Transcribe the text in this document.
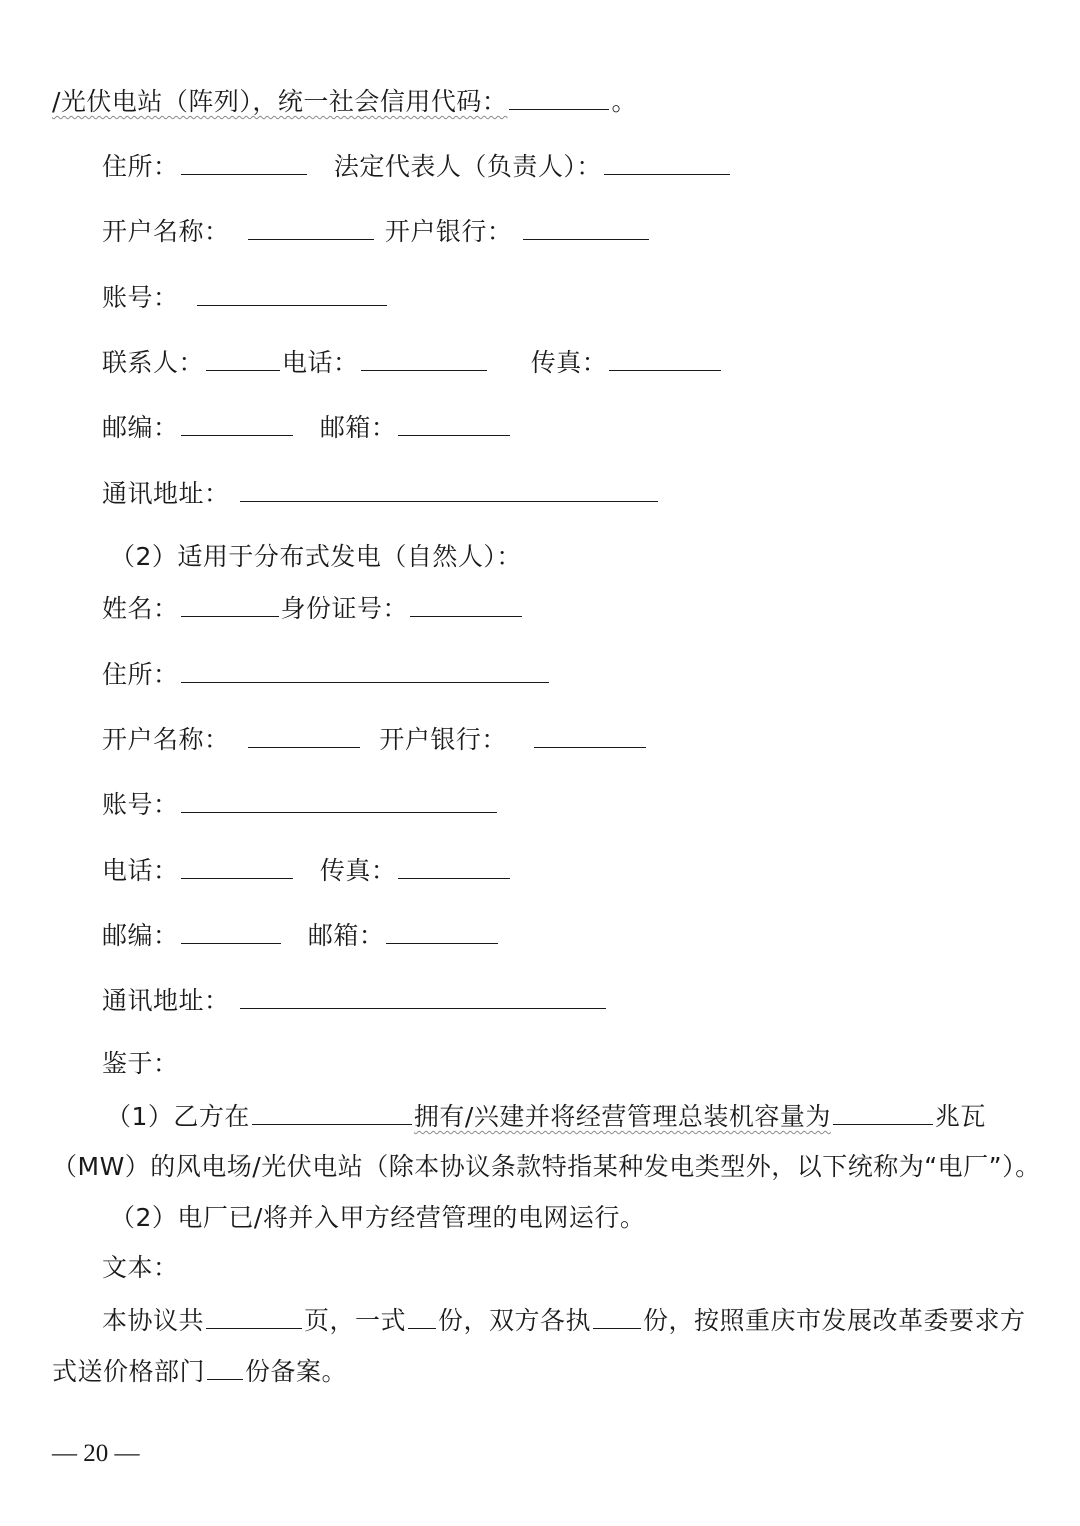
/光伏电站（阵列），统一社会信用代码：	。
住所：	法定代表人（负责人）：
开户名称：	开户银行：
账号：
联系人：	电话：	传真：
邮编：	邮箱：
通讯地址：
（2）适用于分布式发电（自然人）：
姓名：	身份证号：
住所：
开户名称：	开户银行：
账号：
电话：	传真：
邮编：	邮箱：
通讯地址：
鉴于：
（1）乙方在	拥有/兴建并将经营管理总装机容量为	兆瓦
（MW）的风电场/光伏电站（除本协议条款特指某种发电类型外，以下统称为“电厂”）。
（2）电厂已/将并入甲方经营管理的电网运行。
文本：
本协议共	页，一式 份，双方各执 份，按照重庆市发展改革委要求方
式送价格部门 份备案。
— 20 —
